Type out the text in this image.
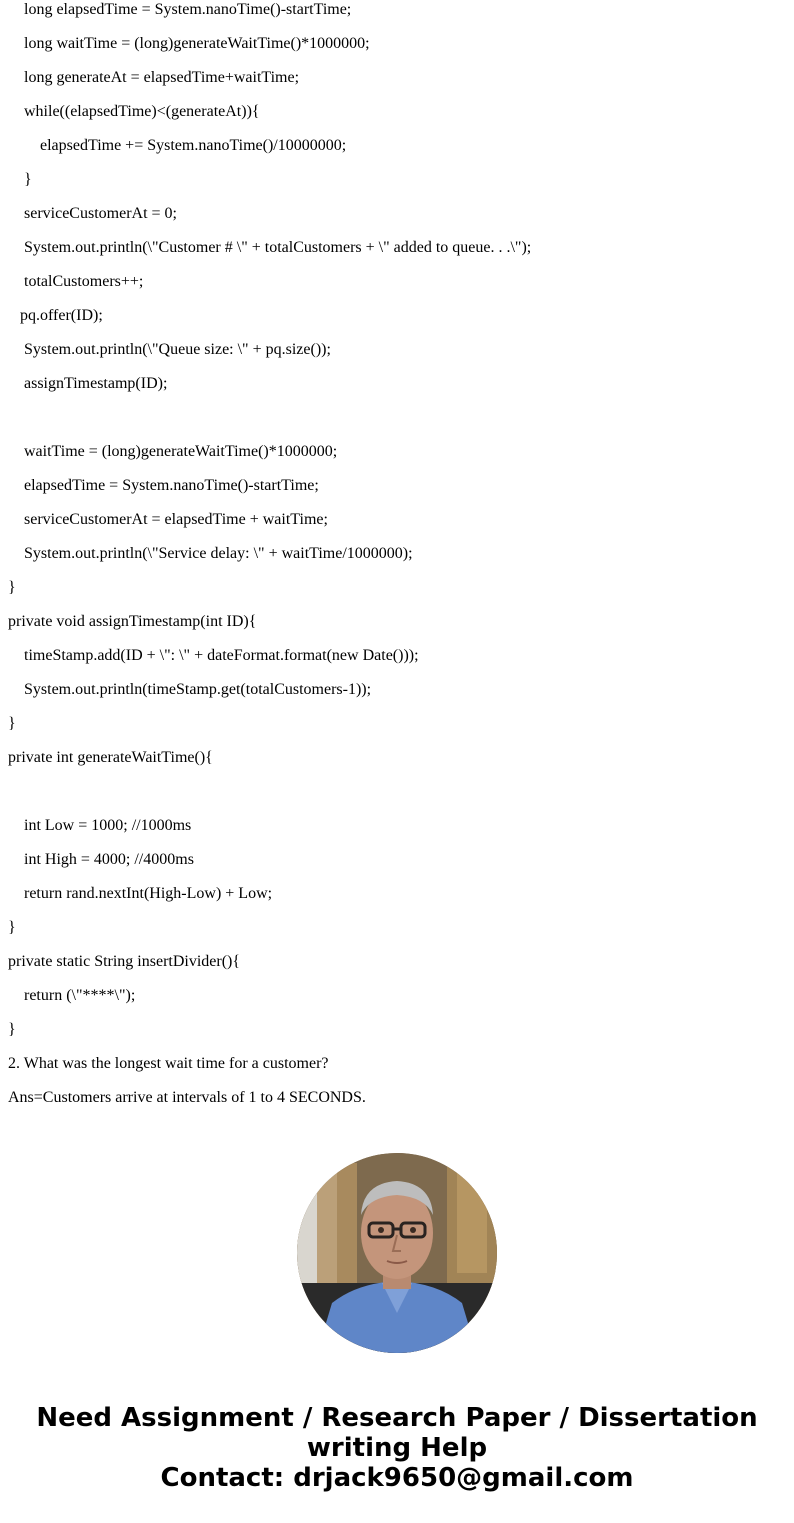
long elapsedTime = System.nanoTime()-startTime;
long waitTime = (long)generateWaitTime()*1000000;
long generateAt = elapsedTime+waitTime;
while((elapsedTime)<(generateAt)){
elapsedTime += System.nanoTime()/10000000;
}
serviceCustomerAt = 0;
System.out.println(\"Customer # \" + totalCustomers + \" added to queue. . .\");
totalCustomers++;
pq.offer(ID);
System.out.println(\"Queue size: \" + pq.size());
assignTimestamp(ID);
waitTime = (long)generateWaitTime()*1000000;
elapsedTime = System.nanoTime()-startTime;
serviceCustomerAt = elapsedTime + waitTime;
System.out.println(\"Service delay: \" + waitTime/1000000);
}
private void assignTimestamp(int ID){
timeStamp.add(ID + \": \" + dateFormat.format(new Date()));
System.out.println(timeStamp.get(totalCustomers-1));
}
private int generateWaitTime(){
int Low = 1000; //1000ms
int High = 4000; //4000ms
return rand.nextInt(High-Low) + Low;
}
private static String insertDivider(){
return (\"****\");
}
2. What was the longest wait time for a customer?
Ans=Customers arrive at intervals of 1 to 4 SECONDS.
Need Assignment / Research Paper / Dissertation
writing Help
Contact: drjack9650@gmail.com
